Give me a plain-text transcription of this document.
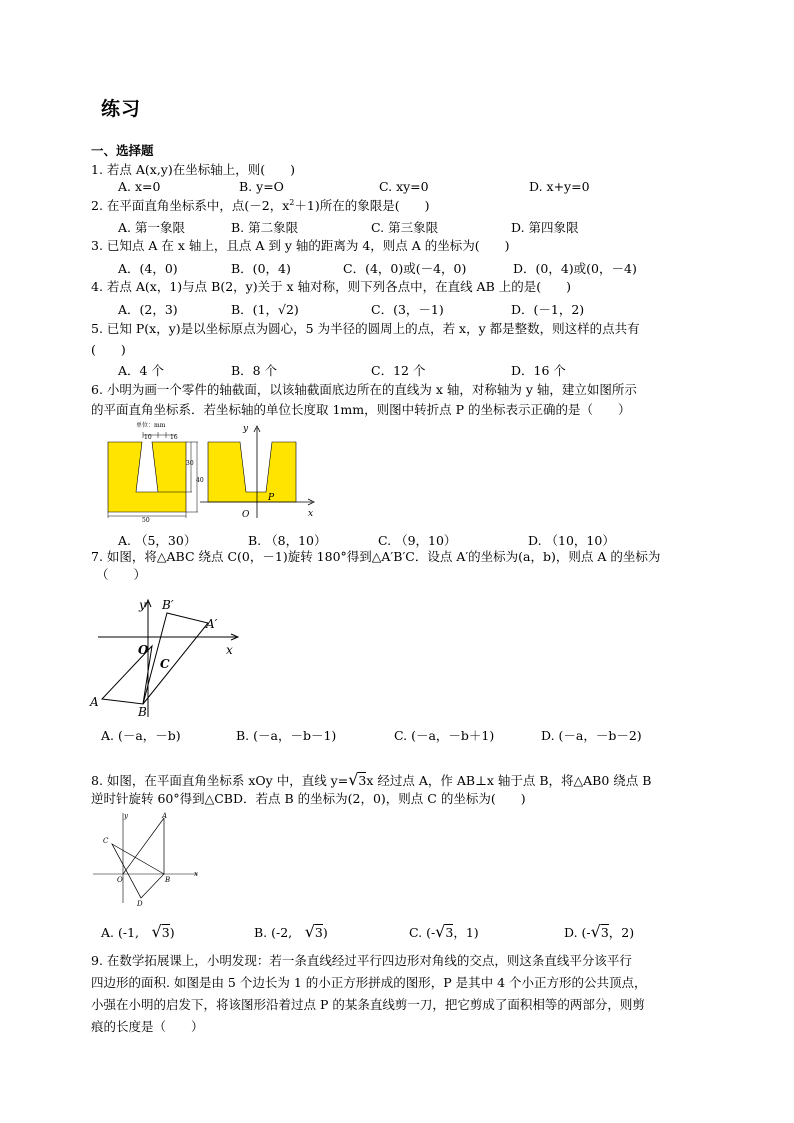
练习
一、选择题
1. 若点 A(x,y)在坐标轴上，则(　　)
A. x=0	B. y=O	C. xy=0	D. x+y=0
2. 在平面直角坐标系中，点(－2，$x^2+1$)所在的象限是(　　)
A. 第一象限	B. 第二象限	C. 第三象限	D. 第四象限
3. 已知点 A 在 x 轴上，且点 A 到 y 轴的距离为 4，则点 A 的坐标为(　　)
A．(4，0)	B．(0，4)	C．(4，0)或(－4，0)	D．(0，4)或(0，－4)
4. 若点 A(x，1)与点 B(2，y)关于 x 轴对称，则下列各点中，在直线 AB 上的是(　　)
A．(2，3)	B．(1，√2)	C．(3，－1)	D．(－1，2)
5. 已知 P(x，y)是以坐标原点为圆心，5 为半径的圆周上的点，若 x，y 都是整数，则这样的点共有
(　　)
A．4 个	B．8 个	C．12 个	D．16 个
6. 小明为画一个零件的轴截面，以该轴截面底边所在的直线为 x 轴，对称轴为 y 轴，建立如图所示
的平面直角坐标系．若坐标轴的单位长度取 1mm，则图中转折点 P 的坐标表示正确的是（　　）
单位：mm
10	16
30
40
50
y
x
O
P
A. （5，30）	B. （8，10）	C. （9，10）	D. （10，10）
7. 如图，将△ABC 绕点 C(0，－1)旋转 180°得到△A′B′C．设点 A′的坐标为(a，b)，则点 A 的坐标为
（　　）
y B′
A′
O
C
x
A
B
A. (－a，－b)	B. (－a，－b－1)	C. (－a，－b＋1)	D. (－a，－b－2)
8. 如图，在平面直角坐标系 xOy 中，直线 y=√3x 经过点 A，作 AB⊥x 轴于点 B，将△AB0 绕点 B
逆时针旋转 60°得到△CBD．若点 B 的坐标为(2，0)，则点 C 的坐标为(　　)
y	A
C
O	B
x
D
A. (-1,　 √3)	B. (-2,　 √3)	C. (-√3，1)	D. (-√3，2)
9. 在数学拓展课上，小明发现：若一条直线经过平行四边形对角线的交点，则这条直线平分该平行
四边形的面积. 如图是由 5 个边长为 1 的小正方形拼成的图形，P 是其中 4 个小正方形的公共顶点，
小强在小明的启发下，将该图形沿着过点 P 的某条直线剪一刀，把它剪成了面积相等的两部分，则剪
痕的长度是（　　）
